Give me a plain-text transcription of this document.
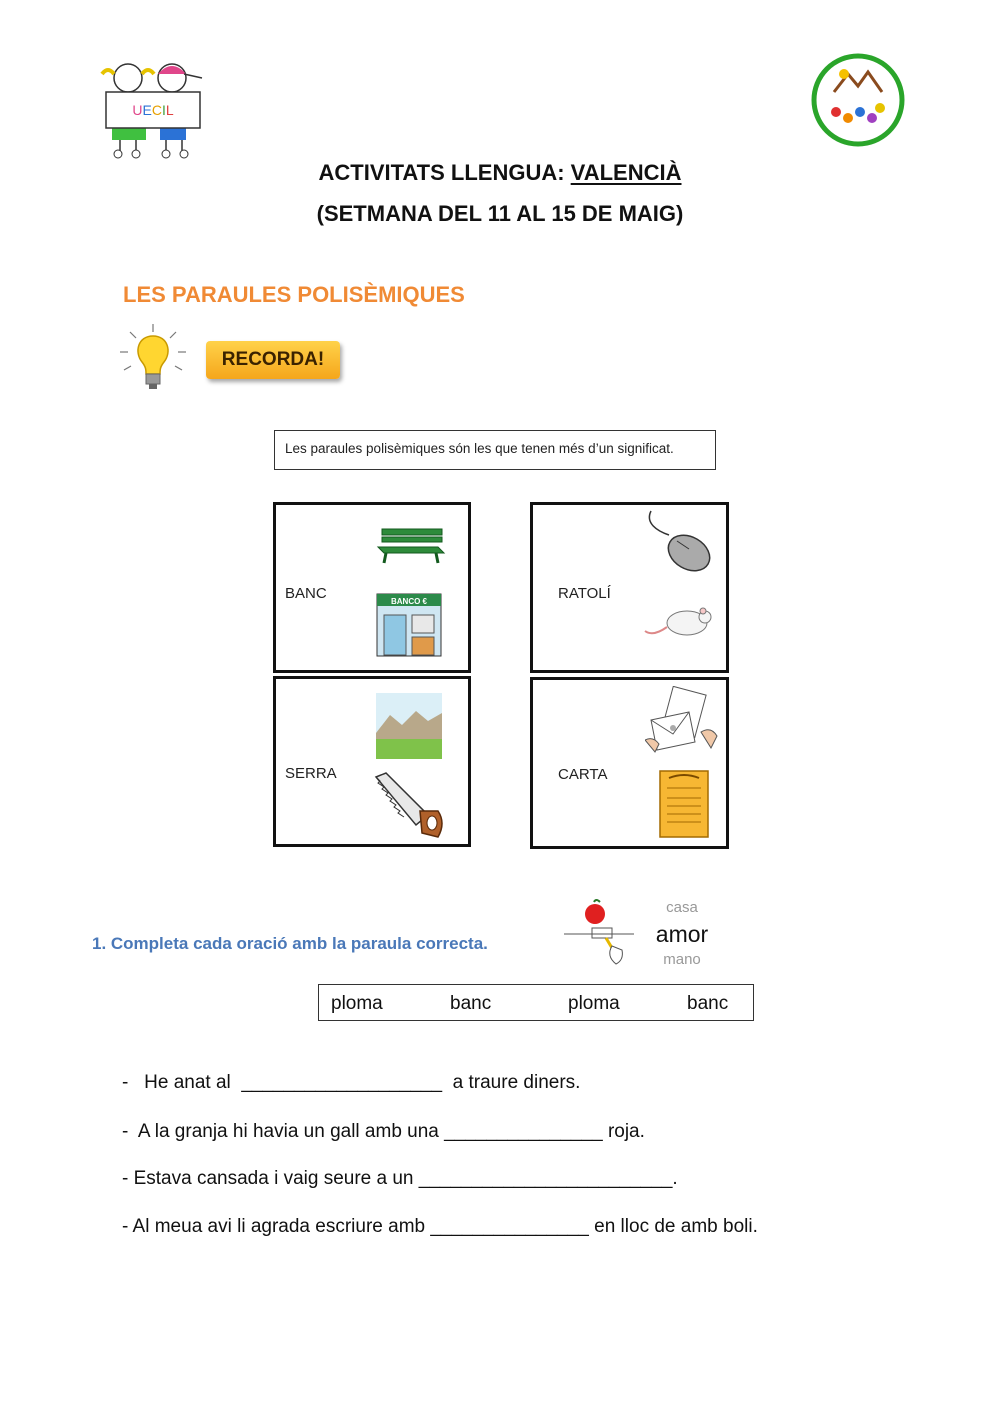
UECIL
ACTIVITATS LLENGUA: VALENCIÀ
(SETMANA DEL 11 AL 15 DE MAIG)
LES PARAULES POLISÈMIQUES
RECORDA!
Les paraules polisèmiques són les que tenen més d’un significat.
BANC	BANCO €	RATOLÍ
SERRA	CARTA
1. Completa cada oració amb la paraula correcta.
casa
amor
mano
ploma	banc	ploma	banc
-   He anat al  ___________________  a traure diners.
-  A la granja hi havia un gall amb una _______________ roja.
- Estava cansada i vaig seure a un ________________________.
- Al meua avi li agrada escriure amb _______________ en lloc de amb boli.
